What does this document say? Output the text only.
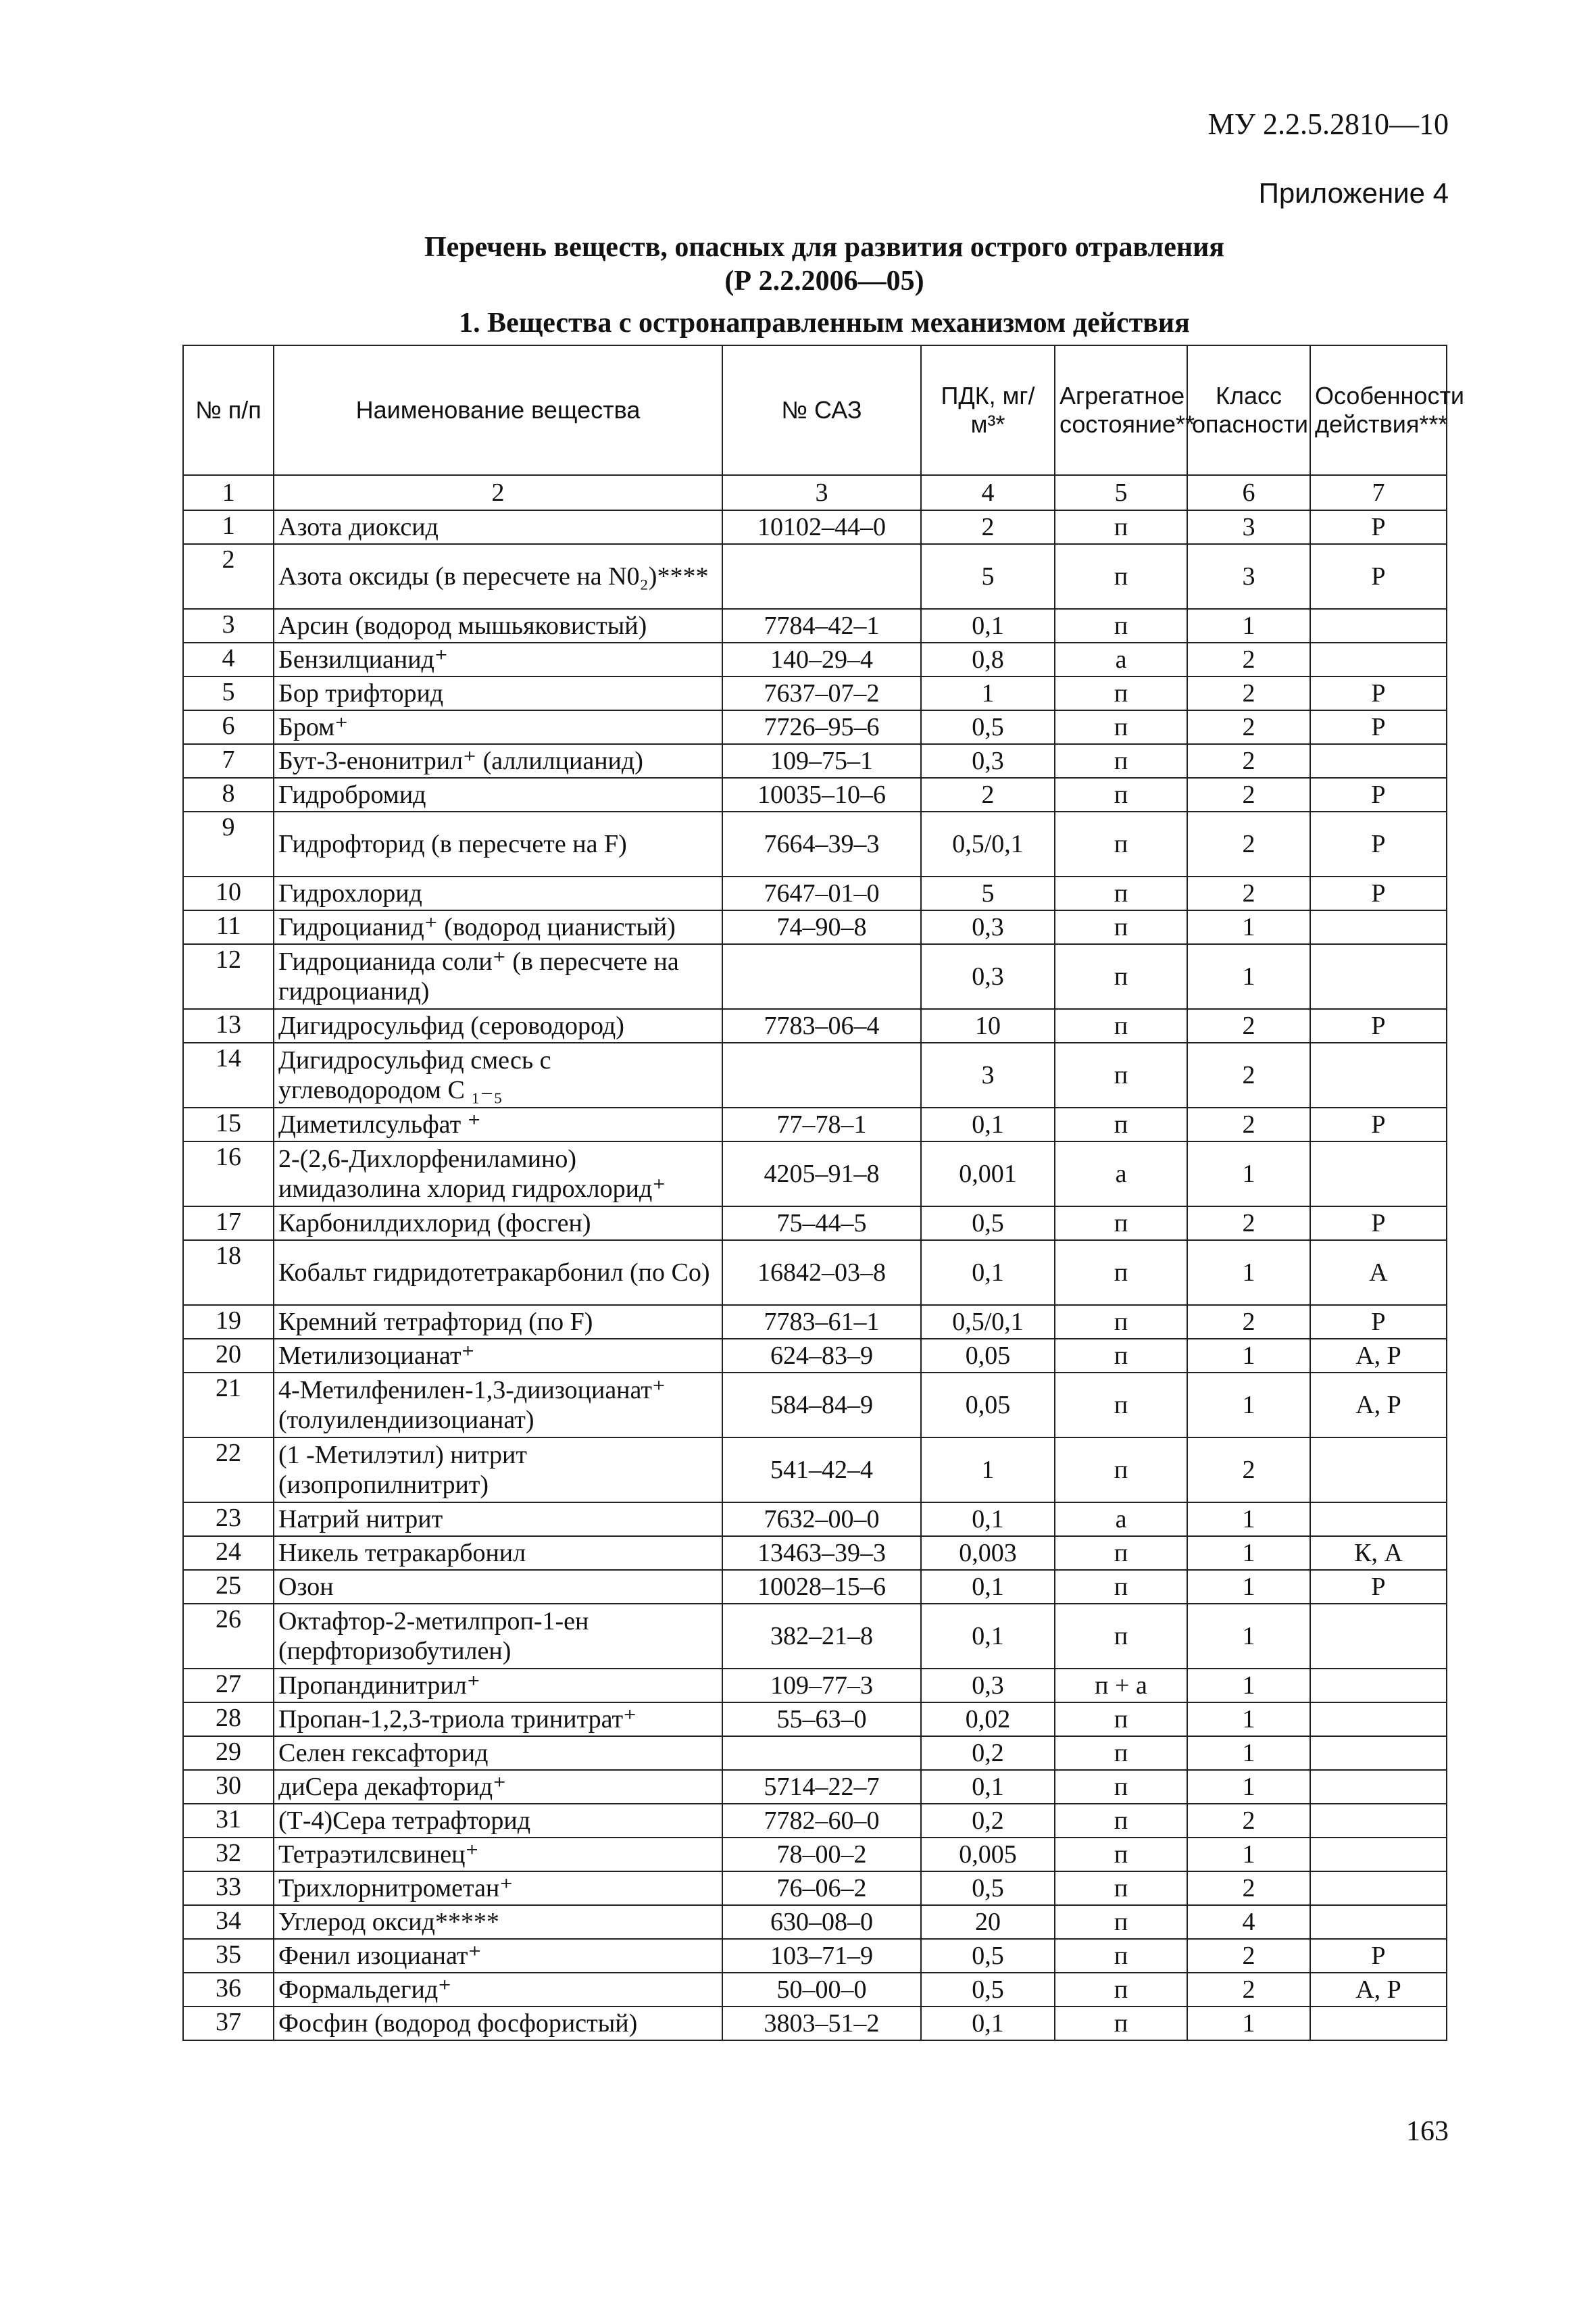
МУ 2.2.5.2810—10
Приложение 4
Перечень веществ, опасных для развития острого отравления
(Р 2.2.2006—05)
1. Вещества с остронаправленным механизмом действия
№ п/п	Наименование вещества	№ САЗ	ПДК, мг/м³*	Агрегатное состояние**	Класс опасности	Особенности действия***
1	2	3	4	5	6	7
1	Азота диоксид	10102–44–0	2	п	3	Р
2	Азота оксиды (в пересчете на N0₂)****		5	п	3	Р
3	Арсин (водород мышьяковистый)	7784–42–1	0,1	п	1	
4	Бензилцианид⁺	140–29–4	0,8	а	2	
5	Бор трифторид	7637–07–2	1	п	2	Р
6	Бром⁺	7726–95–6	0,5	п	2	Р
7	Бут-3-енонитрил⁺ (аллилцианид)	109–75–1	0,3	п	2	
8	Гидробромид	10035–10–6	2	п	2	Р
9	Гидрофторид (в пересчете на F)	7664–39–3	0,5/0,1	п	2	Р
10	Гидрохлорид	7647–01–0	5	п	2	Р
11	Гидроцианид⁺ (водород цианистый)	74–90–8	0,3	п	1	
12	Гидроцианида соли⁺ (в пересчете на гидроцианид)		0,3	п	1	
13	Дигидросульфид (сероводород)	7783–06–4	10	п	2	Р
14	Дигидросульфид смесь с углеводородом С ₁₋₅		3	п	2	
15	Диметилсульфат ⁺	77–78–1	0,1	п	2	Р
16	2-(2,6-Дихлорфениламино) имидазолина хлорид гидрохлорид⁺	4205–91–8	0,001	а	1	
17	Карбонилдихлорид (фосген)	75–44–5	0,5	п	2	Р
18	Кобальт гидридотетракарбонил (по Со)	16842–03–8	0,1	п	1	А
19	Кремний тетрафторид (по F)	7783–61–1	0,5/0,1	п	2	Р
20	Метилизоцианат⁺	624–83–9	0,05	п	1	А, Р
21	4-Метилфенилен-1,3-диизоцианат⁺ (толуилендиизоцианат)	584–84–9	0,05	п	1	А, Р
22	(1 -Метилэтил) нитрит (изопропилнитрит)	541–42–4	1	п	2	
23	Натрий нитрит	7632–00–0	0,1	а	1	
24	Никель тетракарбонил	13463–39–3	0,003	п	1	К, А
25	Озон	10028–15–6	0,1	п	1	Р
26	Октафтор-2-метилпроп-1-ен (перфторизобутилен)	382–21–8	0,1	п	1	
27	Пропандинитрил⁺	109–77–3	0,3	п + а	1	
28	Пропан-1,2,3-триола тринитрат⁺	55–63–0	0,02	п	1	
29	Селен гексафторид		0,2	п	1	
30	диСера декафторид⁺	5714–22–7	0,1	п	1	
31	(Т-4)Сера тетрафторид	7782–60–0	0,2	п	2	
32	Тетраэтилсвинец⁺	78–00–2	0,005	п	1	
33	Трихлорнитрометан⁺	76–06–2	0,5	п	2	
34	Углерод оксид*****	630–08–0	20	п	4	
35	Фенил изоцианат⁺	103–71–9	0,5	п	2	Р
36	Формальдегид⁺	50–00–0	0,5	п	2	А, Р
37	Фосфин (водород фосфористый)	3803–51–2	0,1	п	1	
163
